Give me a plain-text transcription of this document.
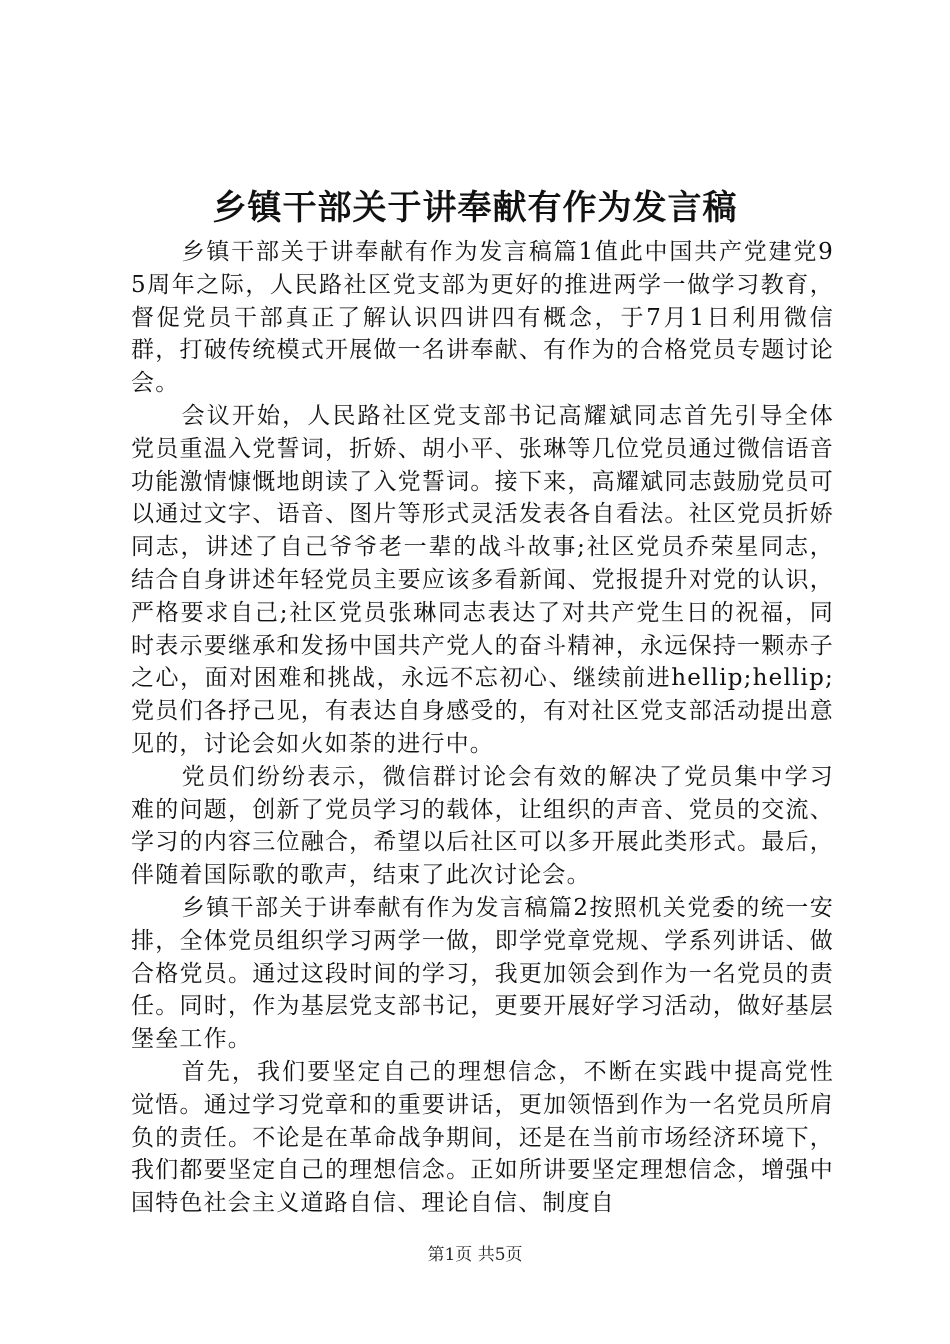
乡镇干部关于讲奉献有作为发言稿

乡镇干部关于讲奉献有作为发言稿篇1值此中国共产党建党95周年之际，人民路社区党支部为更好的推进两学一做学习教育，督促党员干部真正了解认识四讲四有概念，于7月1日利用微信群，打破传统模式开展做一名讲奉献、有作为的合格党员专题讨论会。

会议开始，人民路社区党支部书记高耀斌同志首先引导全体党员重温入党誓词，折娇、胡小平、张琳等几位党员通过微信语音功能激情慷慨地朗读了入党誓词。接下来，高耀斌同志鼓励党员可以通过文字、语音、图片等形式灵活发表各自看法。社区党员折娇同志，讲述了自己爷爷老一辈的战斗故事;社区党员乔荣星同志，结合自身讲述年轻党员主要应该多看新闻、党报提升对党的认识，严格要求自己;社区党员张琳同志表达了对共产党生日的祝福，同时表示要继承和发扬中国共产党人的奋斗精神，永远保持一颗赤子之心，面对困难和挑战，永远不忘初心、继续前进hellip;hellip;党员们各抒己见，有表达自身感受的，有对社区党支部活动提出意见的，讨论会如火如荼的进行中。

党员们纷纷表示，微信群讨论会有效的解决了党员集中学习难的问题，创新了党员学习的载体，让组织的声音、党员的交流、学习的内容三位融合，希望以后社区可以多开展此类形式。最后，伴随着国际歌的歌声，结束了此次讨论会。

乡镇干部关于讲奉献有作为发言稿篇2按照机关党委的统一安排，全体党员组织学习两学一做，即学党章党规、学系列讲话、做合格党员。通过这段时间的学习，我更加领会到作为一名党员的责任。同时，作为基层党支部书记，更要开展好学习活动，做好基层堡垒工作。

首先，我们要坚定自己的理想信念，不断在实践中提高党性觉悟。通过学习党章和的重要讲话，更加领悟到作为一名党员所肩负的责任。不论是在革命战争期间，还是在当前市场经济环境下，我们都要坚定自己的理想信念。正如所讲要坚定理想信念，增强中国特色社会主义道路自信、理论自信、制度自

第1页 共5页
